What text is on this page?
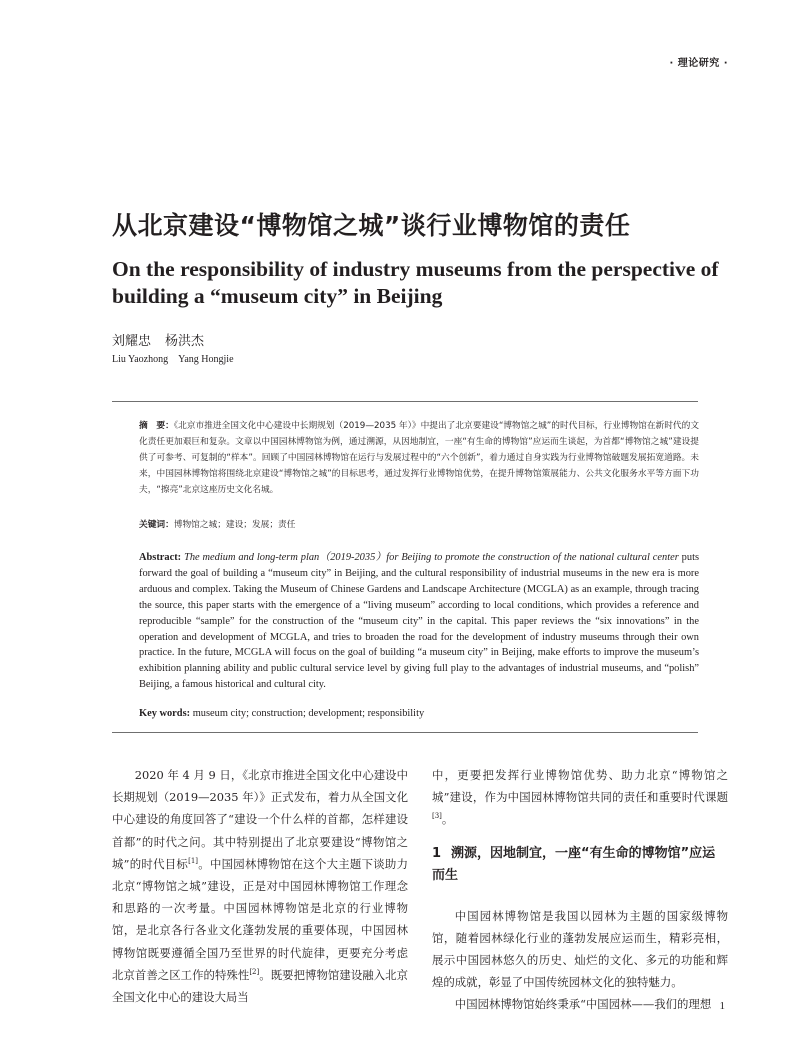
· 理论研究 ·
从北京建设“博物馆之城”谈行业博物馆的责任
On the responsibility of industry museums from the perspective of building a “museum city” in Beijing
刘耀忠 杨洪杰
Liu Yaozhong Yang Hongjie
摘　要：《北京市推进全国文化中心建设中长期规划（2019—2035 年）》中提出了北京要建设“博物馆之城”的时代目标，行业博物馆在新时代的文化责任更加艰巨和复杂。文章以中国园林博物馆为例，通过溯源，从因地制宜，一座“有生命的博物馆”应运而生谈起，为首都“博物馆之城”建设提供了可参考、可复制的“样本”。回顾了中国园林博物馆在运行与发展过程中的“六个创新”，着力通过自身实践为行业博物馆破题发展拓宽道路。未来，中国园林博物馆将围绕北京建设“博物馆之城”的目标思考，通过发挥行业博物馆优势，在提升博物馆策展能力、公共文化服务水平等方面下功夫，“擦亮”北京这座历史文化名城。
关键词：博物馆之城；建设；发展；责任
Abstract: The medium and long-term plan（2019-2035）for Beijing to promote the construction of the national cultural center puts forward the goal of building a “museum city” in Beijing, and the cultural responsibility of industrial museums in the new era is more arduous and complex. Taking the Museum of Chinese Gardens and Landscape Architecture (MCGLA) as an example, through tracing the source, this paper starts with the emergence of a “living museum” according to local conditions, which provides a reference and reproducible “sample” for the construction of the “museum city” in the capital. This paper reviews the “six innovations” in the operation and development of MCGLA, and tries to broaden the road for the development of industry museums through their own practice. In the future, MCGLA will focus on the goal of building “a museum city” in Beijing, make efforts to improve the museum’s exhibition planning ability and public cultural service level by giving full play to the advantages of industrial museums, and “polish” Beijing, a famous historical and cultural city.
Key words: museum city; construction; development; responsibility
2020 年 4 月 9 日，《北京市推进全国文化中心建设中长期规划（2019—2035 年）》正式发布，着力从全国文化中心建设的角度回答了“建设一个什么样的首都，怎样建设首都”的时代之问。其中特别提出了北京要建设“博物馆之城”的时代目标[1]。中国园林博物馆在这个大主题下谈助力北京“博物馆之城”建设，正是对中国园林博物馆工作理念和思路的一次考量。中国园林博物馆是北京的行业博物馆，是北京各行各业文化蓬勃发展的重要体现，中国园林博物馆既要遵循全国乃至世界的时代旋律，更要充分考虑北京首善之区工作的特殊性[2]。既要把博物馆建设融入北京全国文化中心的建设大局当

中，更要把发挥行业博物馆优势、助力北京“博物馆之城”建设，作为中国园林博物馆共同的责任和重要时代课题[3]。

1 溯源，因地制宜，一座“有生命的博物馆”应运而生

中国园林博物馆是我国以园林为主题的国家级博物馆，随着园林绿化行业的蓬勃发展应运而生，精彩亮相，展示中国园林悠久的历史、灿烂的文化、多元的功能和辉煌的成就，彰显了中国传统园林文化的独特魅力。

中国园林博物馆始终秉承“中国园林——我们的理想 1
